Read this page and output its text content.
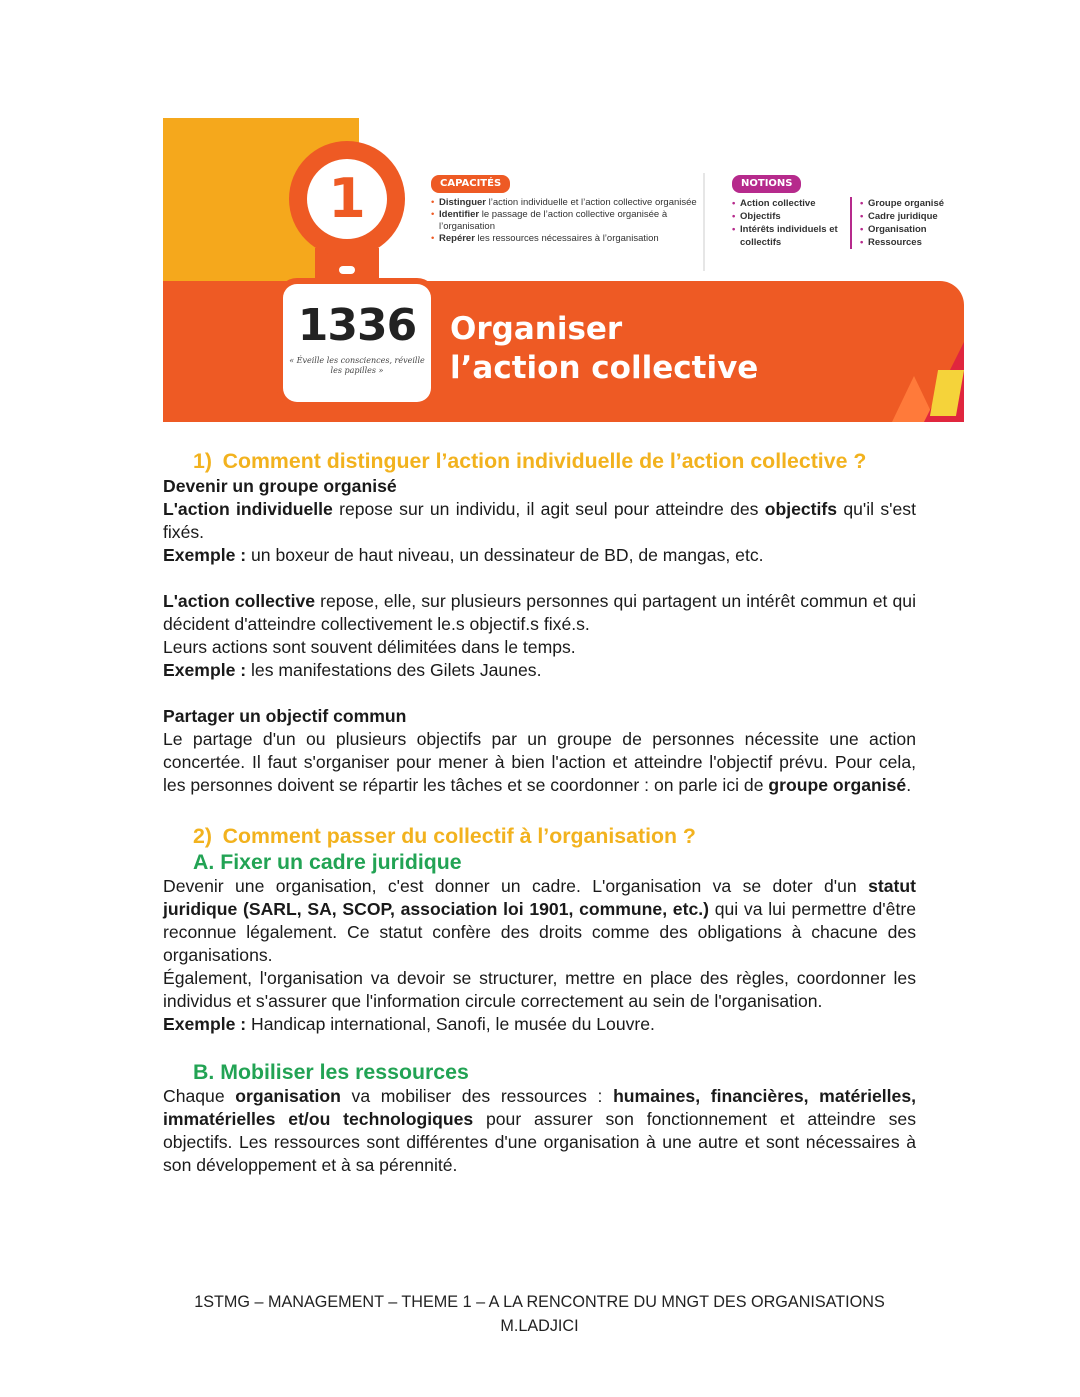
1
1336
« Éveille les consciences, réveille les papilles »
Organiser
l’action collective
CAPACITÉS
• Distinguer l’action individuelle et l’action collective organisée
• Identifier le passage de l’action collective organisée à l’organisation
• Repérer les ressources nécessaires à l’organisation
NOTIONS
• Action collective
• Objectifs
• Intérêts individuels et collectifs
• Groupe organisé
• Cadre juridique
• Organisation
• Ressources
1) Comment distinguer l’action individuelle de l’action collective ?

Devenir un groupe organisé

L'action individuelle repose sur un individu, il agit seul pour atteindre des objectifs qu'il s'est fixés.

Exemple : un boxeur de haut niveau, un dessinateur de BD, de mangas, etc.

L'action collective repose, elle, sur plusieurs personnes qui partagent un intérêt commun et qui décident d'atteindre collectivement le.s objectif.s fixé.s.

Leurs actions sont souvent délimitées dans le temps.

Exemple : les manifestations des Gilets Jaunes.

Partager un objectif commun

Le partage d'un ou plusieurs objectifs par un groupe de personnes nécessite une action concertée. Il faut s'organiser pour mener à bien l'action et atteindre l'objectif prévu. Pour cela, les personnes doivent se répartir les tâches et se coordonner : on parle ici de groupe organisé.

2) Comment passer du collectif à l’organisation ?
A. Fixer un cadre juridique

Devenir une organisation, c'est donner un cadre. L'organisation va se doter d'un statut juridique (SARL, SA, SCOP, association loi 1901, commune, etc.) qui va lui permettre d'être reconnue légalement. Ce statut confère des droits comme des obligations à chacune des organisations.

Également, l'organisation va devoir se structurer, mettre en place des règles, coordonner les individus et s'assurer que l'information circule correctement au sein de l'organisation.

Exemple : Handicap international, Sanofi, le musée du Louvre.

B. Mobiliser les ressources

Chaque organisation va mobiliser des ressources : humaines, financières, matérielles, immatérielles et/ou technologiques pour assurer son fonctionnement et atteindre ses objectifs. Les ressources sont différentes d'une organisation à une autre et sont nécessaires à son développement et à sa pérennité.

1STMG – MANAGEMENT – THEME 1 – A LA RENCONTRE DU MNGT DES ORGANISATIONS
M.LADJICI
